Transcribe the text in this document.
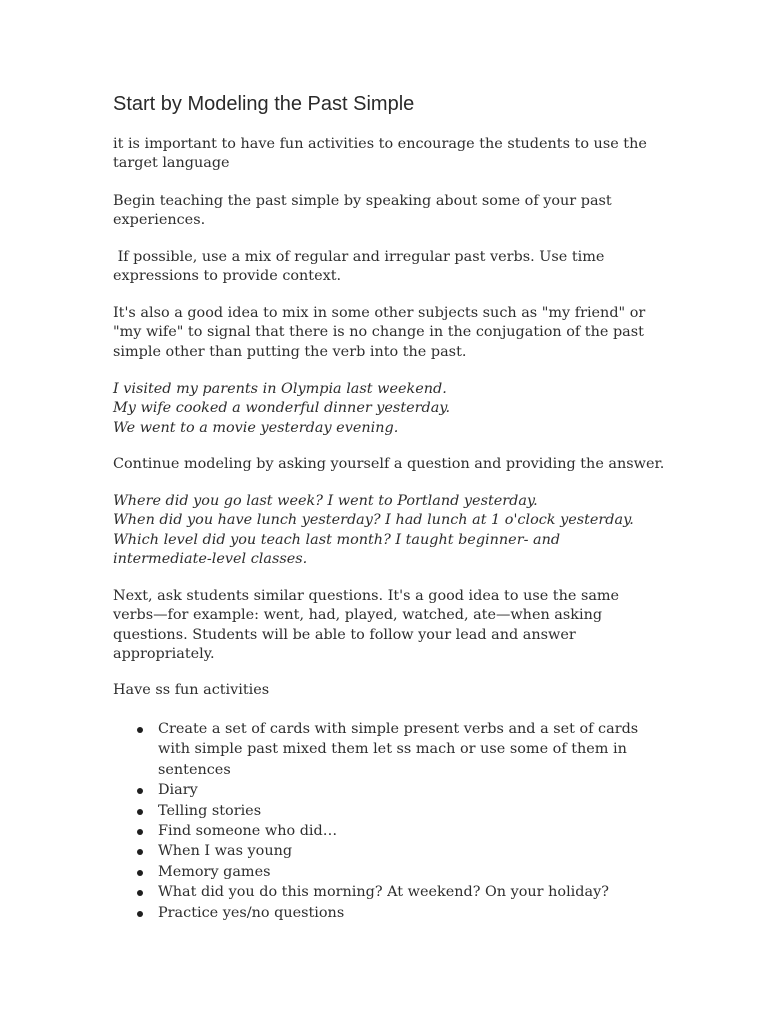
Start by Modeling the Past Simple

it is important to have fun activities to encourage the students to use the
target language

Begin teaching the past simple by speaking about some of your past
experiences.

If possible, use a mix of regular and irregular past verbs. Use time
expressions to provide context.

It's also a good idea to mix in some other subjects such as "my friend" or
"my wife" to signal that there is no change in the conjugation of the past
simple other than putting the verb into the past.

I visited my parents in Olympia last weekend.
My wife cooked a wonderful dinner yesterday.
We went to a movie yesterday evening.

Continue modeling by asking yourself a question and providing the answer.

Where did you go last week? I went to Portland yesterday.
When did you have lunch yesterday? I had lunch at 1 o'clock yesterday.
Which level did you teach last month? I taught beginner- and
intermediate-level classes.

Next, ask students similar questions. It's a good idea to use the same
verbs—for example: went, had, played, watched, ate—when asking
questions. Students will be able to follow your lead and answer
appropriately.

Have ss fun activities

Create a set of cards with simple present verbs and a set of cards
with simple past mixed them let ss mach or use some of them in
sentences
Diary
Telling stories
Find someone who did…
When I was young
Memory games
What did you do this morning? At weekend? On your holiday?
Practice yes/no questions
